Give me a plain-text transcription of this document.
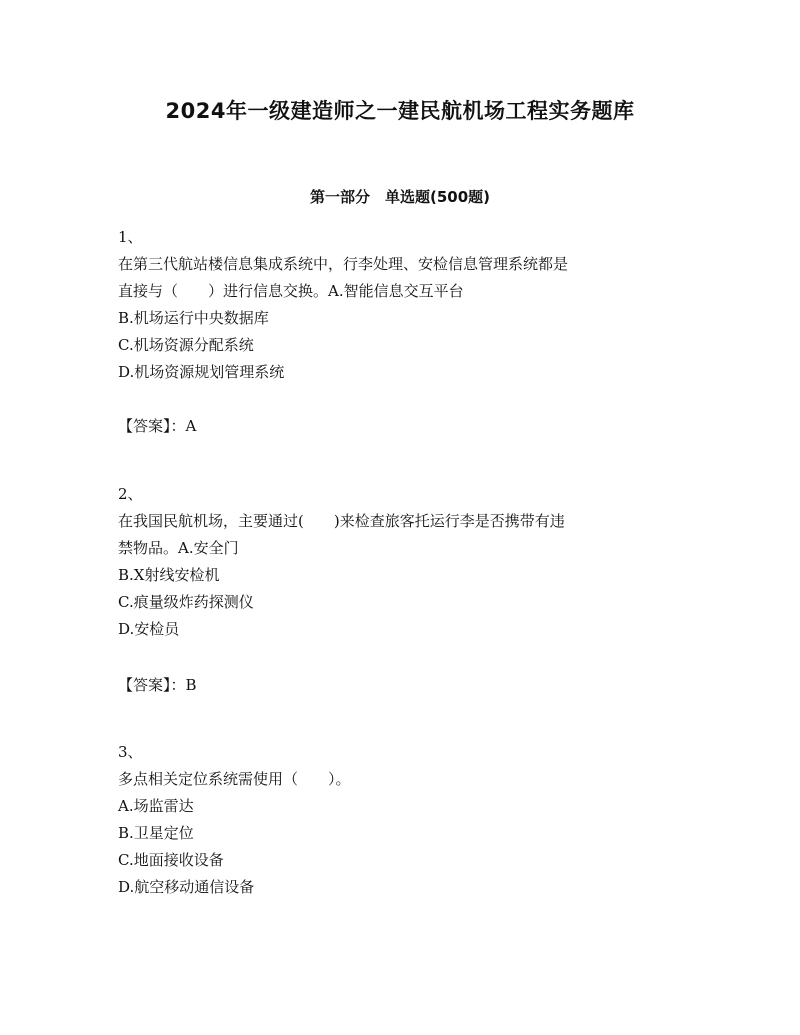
2024年一级建造师之一建民航机场工程实务题库
第一部分　单选题(500题)

1、

在第三代航站楼信息集成系统中，行李处理、安检信息管理系统都是

直接与（　　）进行信息交换。A.智能信息交互平台

B.机场运行中央数据库

C.机场资源分配系统

D.机场资源规划管理系统

【答案】：A

2、

在我国民航机场，主要通过(　　)来检查旅客托运行李是否携带有违

禁物品。A.安全门

B.X射线安检机

C.痕量级炸药探测仪

D.安检员

【答案】：B

3、

多点相关定位系统需使用（　　）。

A.场监雷达

B.卫星定位

C.地面接收设备

D.航空移动通信设备
